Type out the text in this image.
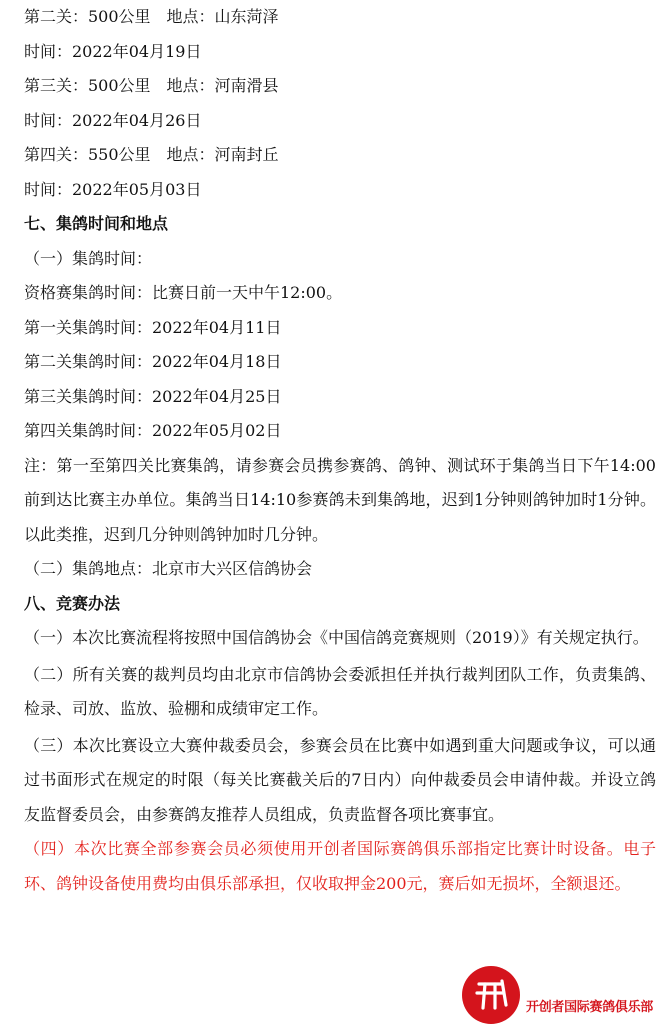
第二关：500公里　地点：山东菏泽
时间：2022年04月19日
第三关：500公里　地点：河南滑县
时间：2022年04月26日
第四关：550公里　地点：河南封丘
时间：2022年05月03日
七、集鸽时间和地点
（一）集鸽时间：
资格赛集鸽时间：比赛日前一天中午12:00。
第一关集鸽时间：2022年04月11日
第二关集鸽时间：2022年04月18日
第三关集鸽时间：2022年04月25日
第四关集鸽时间：2022年05月02日
注：第一至第四关比赛集鸽，请参赛会员携参赛鸽、鸽钟、测试环于集鸽当日下午14:00前到达比赛主办单位。集鸽当日14:10参赛鸽未到集鸽地，迟到1分钟则鸽钟加时1分钟。以此类推，迟到几分钟则鸽钟加时几分钟。
（二）集鸽地点：北京市大兴区信鸽协会
八、竞赛办法
（一）本次比赛流程将按照中国信鸽协会《中国信鸽竞赛规则（2019）》有关规定执行。
（二）所有关赛的裁判员均由北京市信鸽协会委派担任并执行裁判团队工作，负责集鸽、检录、司放、监放、验棚和成绩审定工作。
（三）本次比赛设立大赛仲裁委员会，参赛会员在比赛中如遇到重大问题或争议，可以通过书面形式在规定的时限（每关比赛截关后的7日内）向仲裁委员会申请仲裁。并设立鸽友监督委员会，由参赛鸽友推荐人员组成，负责监督各项比赛事宜。
（四）本次比赛全部参赛会员必须使用开创者国际赛鸽俱乐部指定比赛计时设备。电子环、鸽钟设备使用费均由俱乐部承担，仅收取押金200元，赛后如无损坏，全额退还。
开创者国际赛鸽俱乐部
